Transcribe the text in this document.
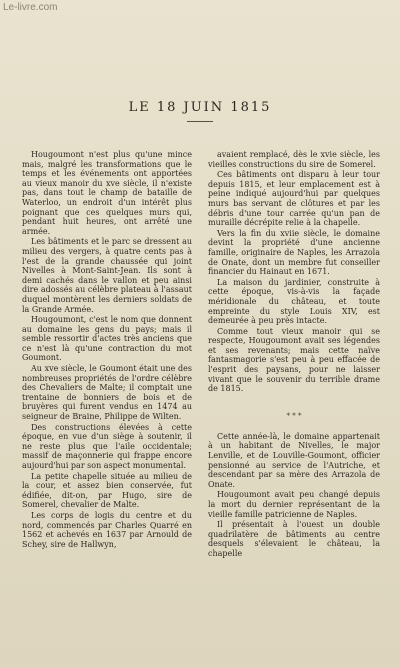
Le-livre.com
LE 18 JUIN 1815

Hougoumont n'est plus qu'une mince mais, malgré les transformations que le temps et les événements ont apportées au vieux manoir du xve siècle, il n'existe pas, dans tout le champ de bataille de Waterloo, un endroit d'un intérêt plus poignant que ces quelques murs qui, pendant huit heures, ont arrêté une armée.

Les bâtiments et le parc se dressent au milieu des vergers, à quatre cents pas à l'est de la grande chaussée qui joint Nivelles à Mont-Saint-Jean. Ils sont à demi cachés dans le vallon et peu ainsi dire adossés au célèbre plateau à l'assaut duquel montèrent les derniers soldats de la Grande Armée.

Hougoumont, c'est le nom que donnent au domaine les gens du pays; mais il semble ressortir d'actes très anciens que ce n'est là qu'une contraction du mot Goumont.

Au xve siècle, le Goumont était une des nombreuses propriétés de l'ordre célèbre des Chevaliers de Malte; il comptait une trentaine de bonniers de bois et de bruyères qui furent vendus en 1474 au seigneur de Braine, Philippe de Wilten.

Des constructions élevées à cette époque, en vue d'un siège à soutenir, il ne reste plus que l'aile occidentale; massif de maçonnerie qui frappe encore aujourd'hui par son aspect monumental.

La petite chapelle située au milieu de la cour, et assez bien conservée, fut édifiée, dit-on, par Hugo, sire de Somerel, chevalier de Malte.

Les corps de logis du centre et du nord, commencés par Charles Quarré en 1562 et achevés en 1637 par Arnould de Schey, sire de Hallwyn,

avaient remplacé, dès le xvie siècle, les vieilles constructions du sire de Somerel.

Ces bâtiments ont disparu à leur tour depuis 1815, et leur emplacement est à peine indiqué aujourd'hui par quelques murs bas servant de clôtures et par les débris d'une tour carrée qu'un pan de muraille décrépite relie à la chapelle.

Vers la fin du xviie siècle, le domaine devint la propriété d'une ancienne famille, originaire de Naples, les Arrazola de Onate, dont un membre fut conseiller financier du Hainaut en 1671.

La maison du jardinier, construite à cette époque, vis-à-vis la façade méridionale du château, et toute empreinte du style Louis XIV, est demeurée à peu près intacte.

Comme tout vieux manoir qui se respecte, Hougoumont avait ses légendes et ses revenants; mais cette naïve fantasmagorie s'est peu à peu effacée de l'esprit des paysans, pour ne laisser vivant que le souvenir du terrible drame de 1815.

* * *

Cette année-là, le domaine appartenait à un habitant de Nivelles, le major Lenville, et de Louville-Goumont, officier pensionné au service de l'Autriche, et descendant par sa mère des Arrazola de Onate.

Hougoumont avait peu changé depuis la mort du dernier représentant de la vieille famille patricienne de Naples.

Il présentait à l'ouest un double quadrilatère de bâtiments au centre desquels s'élevaient le château, la chapelle
